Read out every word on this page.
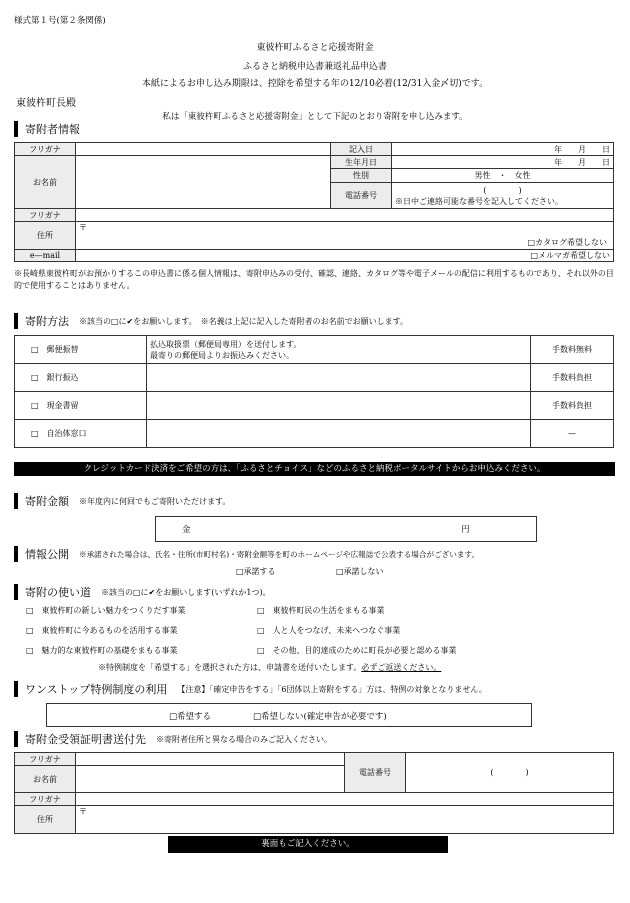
様式第１号(第２条関係)
東彼杵町ふるさと応援寄附金
ふるさと納税申込書兼返礼品申込書
本紙によるお申し込み期限は、控除を希望する年の12/10必着(12/31入金〆切)です。
東彼杵町長殿
私は「東彼杵町ふるさと応援寄附金」として下記のとおり寄附を申し込みます。
寄附者情報
フリガナ		記入日	年　　月　　日
お名前		生年月日	年　　月　　日
		性別	男性　・　女性
		電話番号	(　　　　)
※日中ご連絡可能な番号を記入してください。

フリガナ			
住所	〒
□カタログ希望しない		

e—mail	□メルマガ希望しない		
※長崎県東彼杵町がお預かりするこの申込書に係る個人情報は、寄附申込みの受付、確認、連絡、カタログ等や電子メールの配信に利用するものであり、それ以外の目的で使用することはありません。
寄附方法 ※該当の□に✔をお願いします。　※名義は上記に記入した寄附者のお名前でお願いします。
□　郵便振替	払込取扱票（郵便局専用）を送付します。
最寄りの郵便局よりお振込みください。	手数料無料
□　銀行振込		手数料負担
□　現金書留		手数料負担
□　自治体窓口		—
クレジットカード決済をご希望の方は、「ふるさとチョイス」などのふるさと納税ポータルサイトからお申込みください。
寄附金額 ※年度内に何回でもご寄附いただけます。
金	円
情報公開 ※承諾された場合は、氏名・住所(市町村名)・寄附金額等を町のホームページや広報誌で公表する場合がございます。
□承諾する	□承諾しない
寄附の使い道 ※該当の□に✔をお願いします(いずれか1つ)。
□　東彼杵町の新しい魅力をつくりだす事業	□　東彼杵町民の生活をまもる事業
□　東彼杵町に今あるものを活用する事業	□　人と人をつなげ、未来へつなぐ事業
□　魅力的な東彼杵町の基礎をまもる事業	□　その他、目的達成のために町長が必要と認める事業
※特例制度を「希望する」を選択された方は、申請書を送付いたします。必ずご返送ください。
ワンストップ特例制度の利用 【注意】「確定申告をする」「6団体以上寄附をする」方は、特例の対象となりません。
□希望する	□希望しない(確定申告が必要です)
寄附金受領証明書送付先 ※寄附者住所と異なる場合のみご記入ください。
フリガナ		電話番号	(　　　　)
お名前			
フリガナ			
住所	〒		
裏面もご記入ください。
